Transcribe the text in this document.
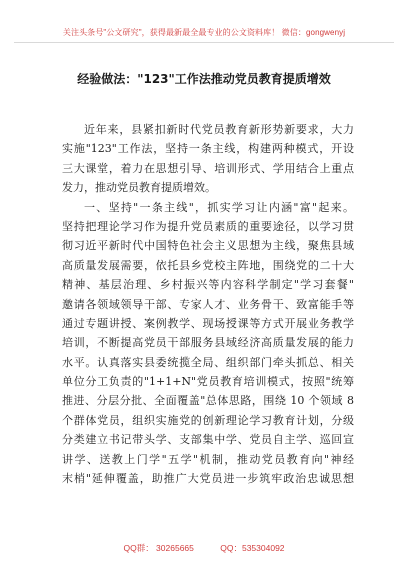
关注头条号"公文研究"，获得最新最全最专业的公文资料库！ 微信：gongwenyj
经验做法："123"工作法推动党员教育提质增效
近年来，县紧扣新时代党员教育新形势新要求，大力
实施"123"工作法，坚持一条主线，构建两种模式，开设
三大课堂，着力在思想引导、培训形式、学用结合上重点
发力，推动党员教育提质增效。
一、坚持"一条主线"，抓实学习让内涵"富"起来。
坚持把理论学习作为提升党员素质的重要途径，以学习贯
彻习近平新时代中国特色社会主义思想为主线，聚焦县域
高质量发展需要，依托县乡党校主阵地，围绕党的二十大
精神、基层治理、乡村振兴等内容科学制定"学习套餐"
邀请各领域领导干部、专家人才、业务骨干、致富能手等
通过专题讲授、案例教学、现场授课等方式开展业务教学
培训，不断提高党员干部服务县域经济高质量发展的能力
水平。认真落实县委统揽全局、组织部门牵头抓总、相关
单位分工负责的"1+1+N"党员教育培训模式，按照"统筹
推进、分层分批、全面覆盖"总体思路，围绕 10 个领域 8
个群体党员，组织实施党的创新理论学习教育计划，分级
分类建立书记带头学、支部集中学、党员自主学、巡回宣
讲学、送教上门学"五学"机制，推动党员教育向"神经
末梢"延伸覆盖，助推广大党员进一步筑牢政治忠诚思想
QQ群： 30265665	QQ：535304092
